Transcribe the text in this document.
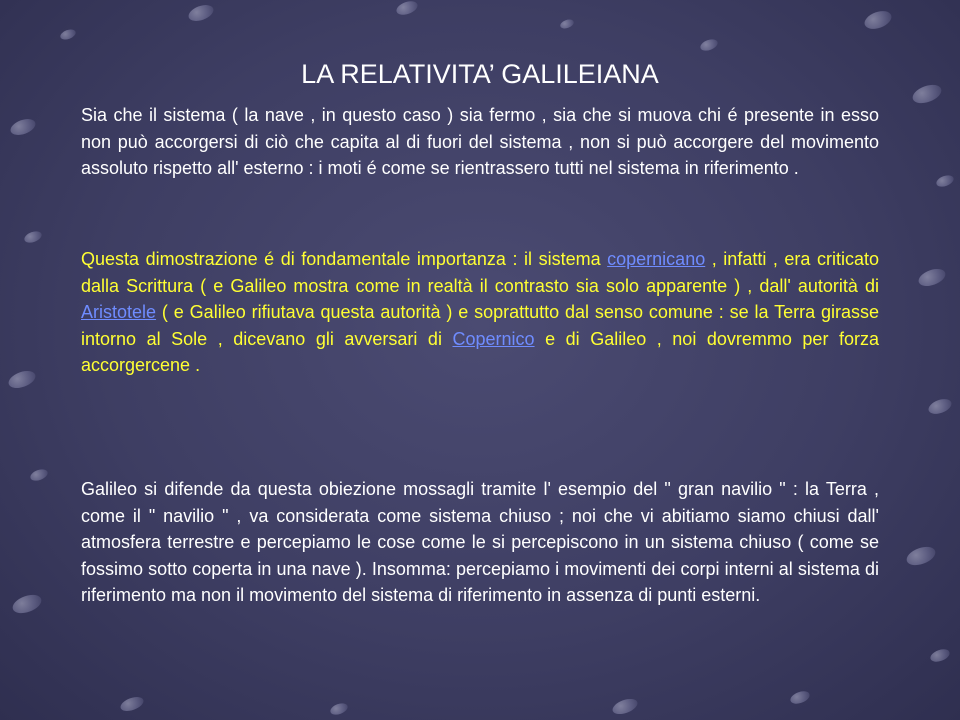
LA RELATIVITA’ GALILEIANA

Sia che il sistema ( la nave , in questo caso ) sia fermo , sia che si muova chi é presente in esso non può accorgersi di ciò che capita al di fuori del sistema , non si può accorgere del movimento assoluto rispetto all' esterno : i moti é come se rientrassero tutti nel sistema in riferimento .

Questa dimostrazione é di fondamentale importanza : il sistema copernicano , infatti , era criticato dalla Scrittura ( e Galileo mostra come in realtà il contrasto sia solo apparente ) , dall' autorità di Aristotele ( e Galileo rifiutava questa autorità ) e soprattutto dal senso comune : se la Terra girasse intorno al Sole , dicevano gli avversari di Copernico e di Galileo , noi dovremmo per forza accorgercene .

Galileo si difende da questa obiezione mossagli tramite l' esempio del " gran navilio " : la Terra , come il " navilio " , va considerata come sistema chiuso ; noi che vi abitiamo siamo chiusi dall' atmosfera terrestre e percepiamo le cose come le si percepiscono in un sistema chiuso ( come se fossimo sotto coperta in una nave ). Insomma: percepiamo i movimenti dei corpi interni al sistema di riferimento ma non il movimento del sistema di riferimento in assenza di punti esterni.
